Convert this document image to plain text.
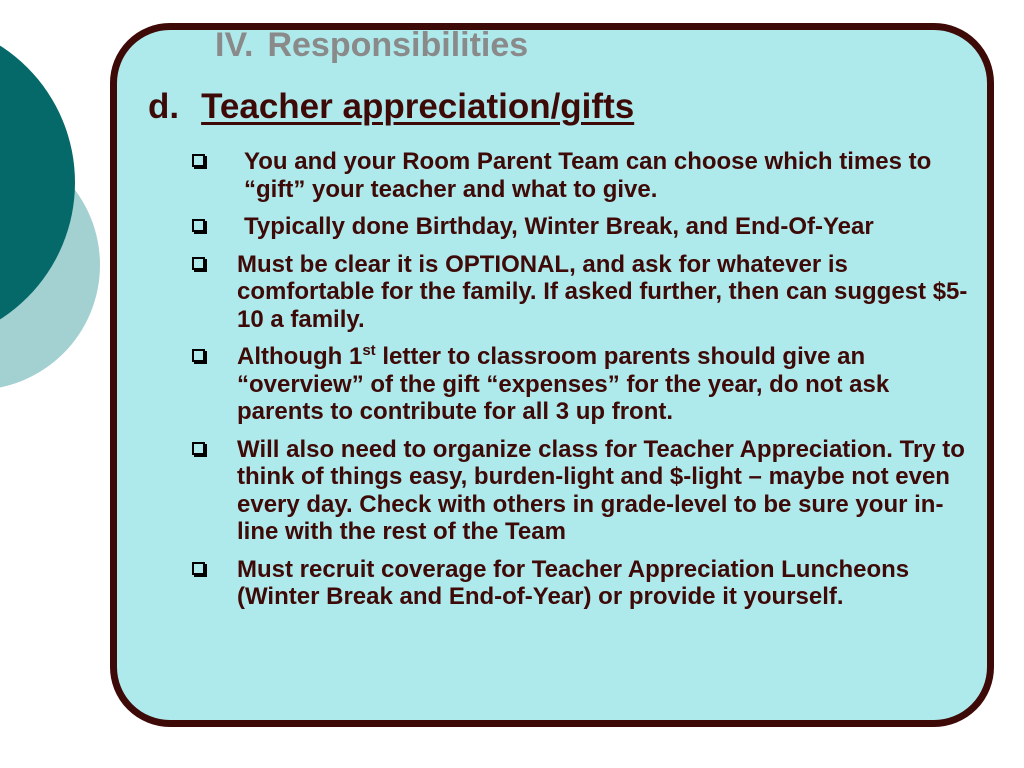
IV. Responsibilities
d. Teacher appreciation/gifts
You and your Room Parent Team can choose which times to “gift” your teacher and what to give.
Typically done Birthday, Winter Break, and End-Of-Year
Must be clear it is OPTIONAL, and ask for whatever is comfortable for the family. If asked further, then can suggest $5-10 a family.
Although 1st letter to classroom parents should give an “overview” of the gift “expenses” for the year, do not ask parents to contribute for all 3 up front.
Will also need to organize class for Teacher Appreciation. Try to think of things easy, burden-light and $-light – maybe not even every day. Check with others in grade-level to be sure your in-line with the rest of the Team
Must recruit coverage for Teacher Appreciation Luncheons (Winter Break and End-of-Year) or provide it yourself.
